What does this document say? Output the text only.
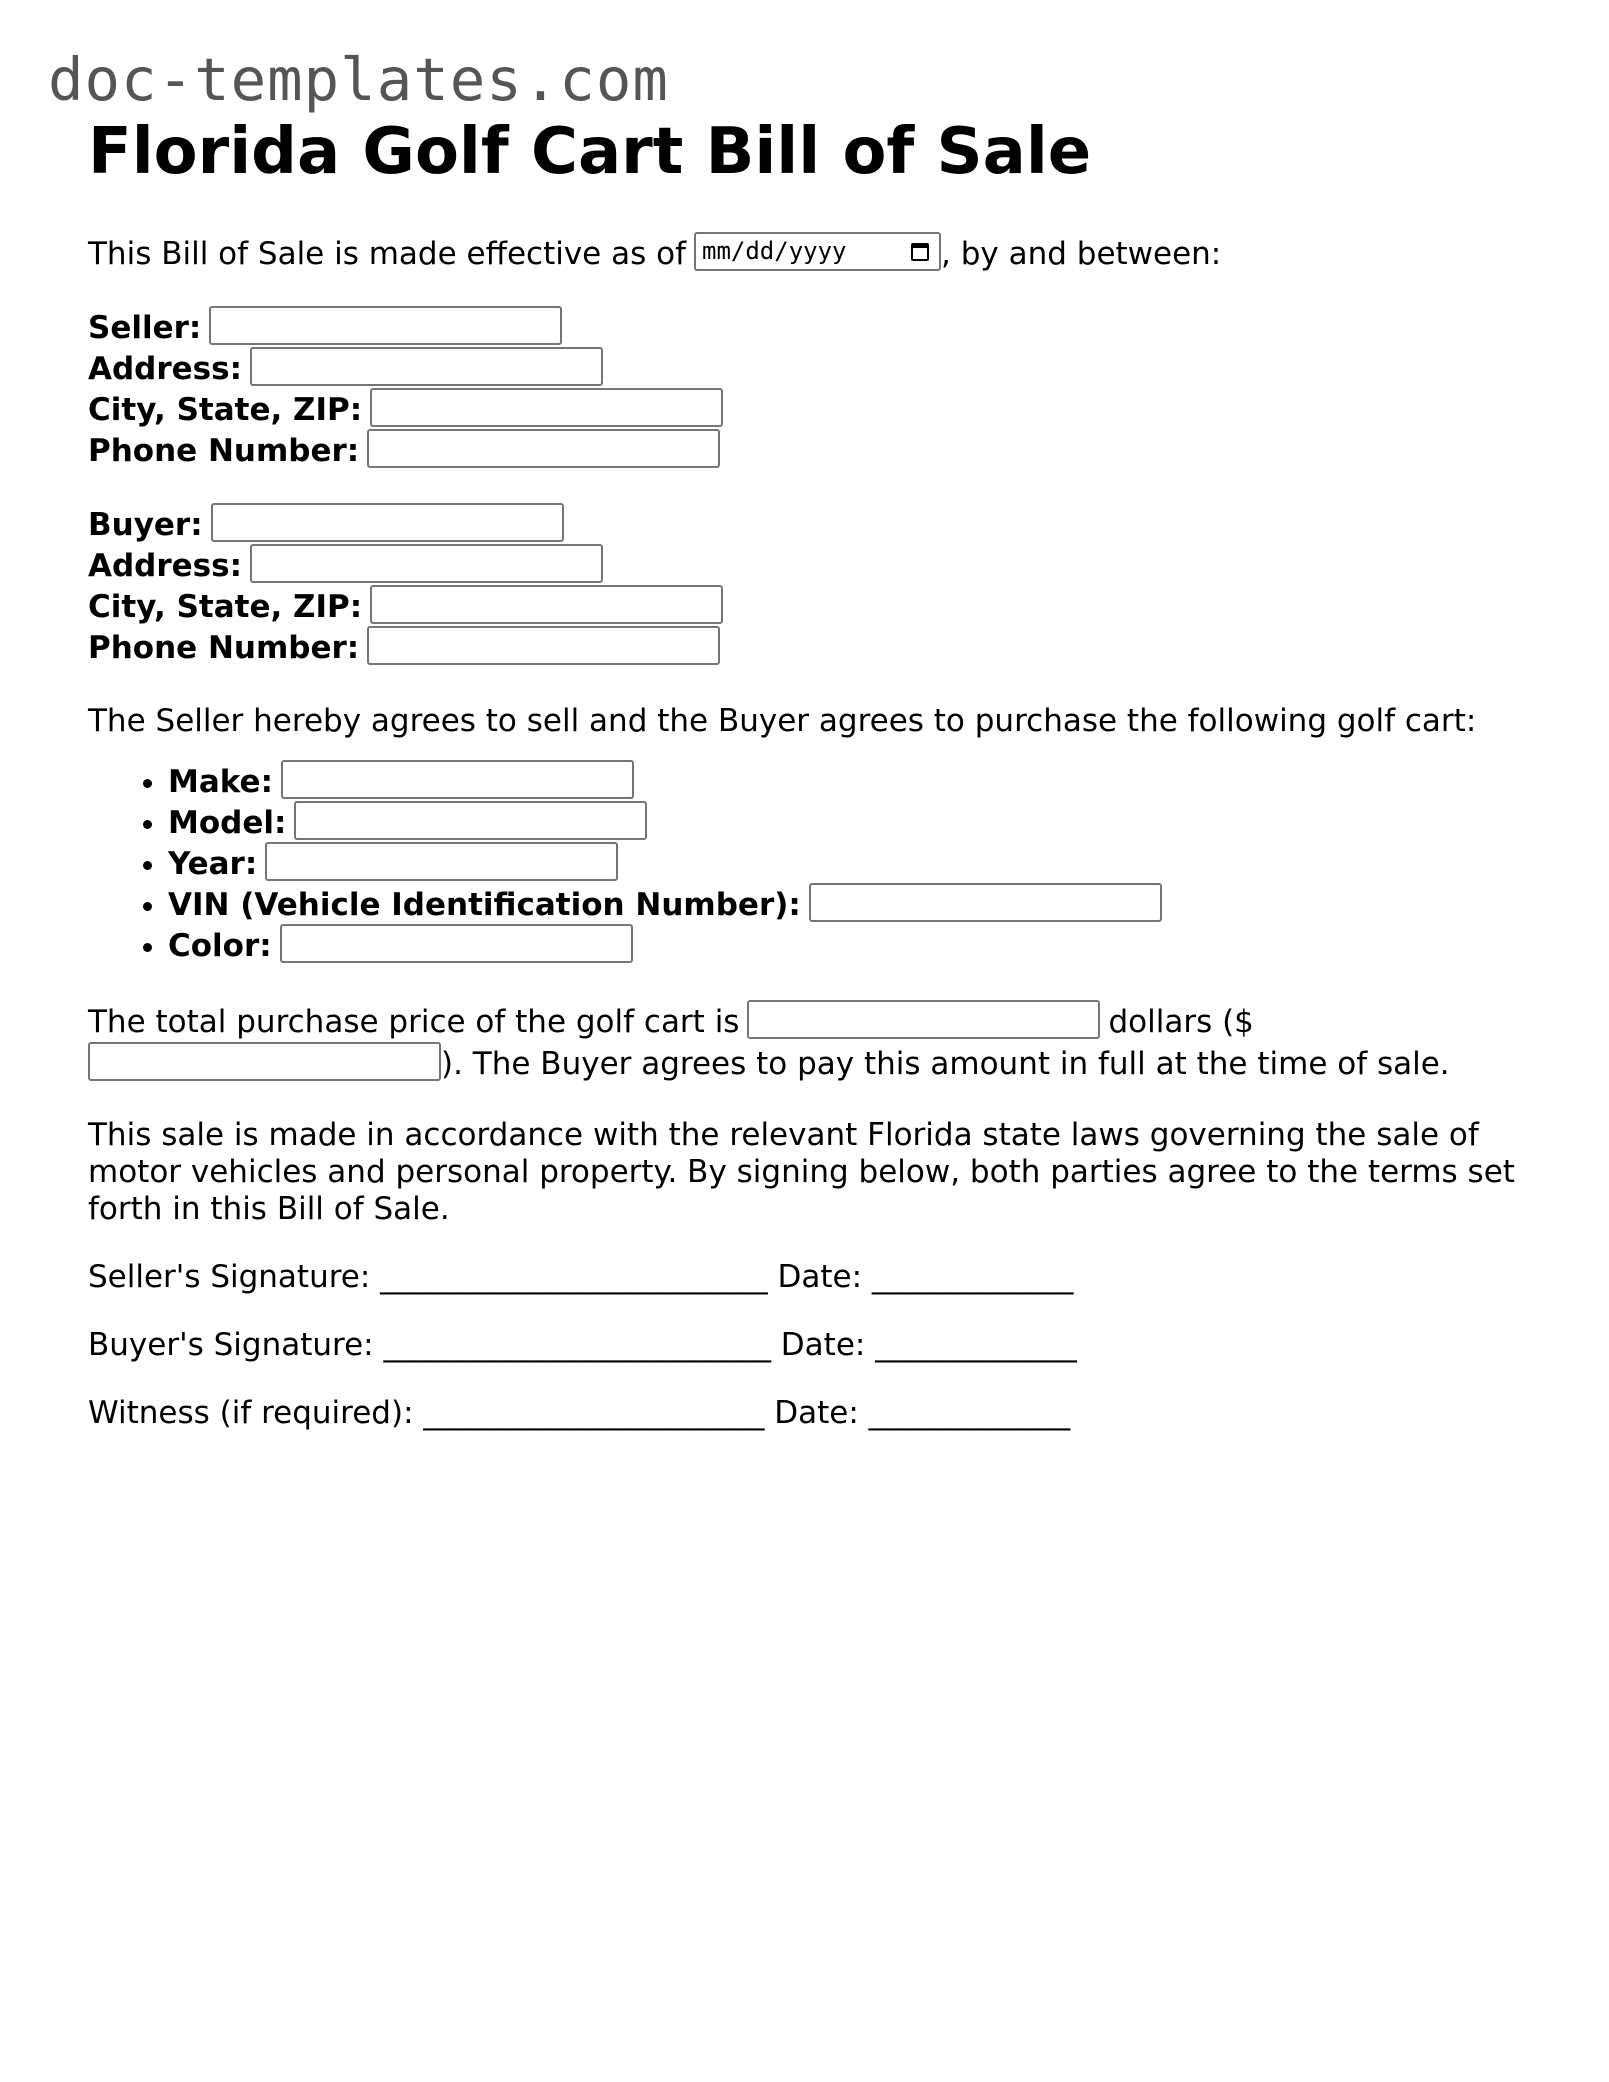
doc-templates.com
Florida Golf Cart Bill of Sale

This Bill of Sale is made effective as of mm/dd/yyyy	, by and between:

Seller:
Address:
City, State, ZIP:
Phone Number:
Buyer:
Address:
City, State, ZIP:
Phone Number:

The Seller hereby agrees to sell and the Buyer agrees to purchase the following golf cart:

• Make:
• Model:
• Year:
• VIN (Vehicle Identification Number):
• Color:

The total purchase price of the golf cart is	dollars ($
). The Buyer agrees to pay this amount in full at the time of sale.

This sale is made in accordance with the relevant Florida state laws governing the sale of motor vehicles and personal property. By signing below, both parties agree to the terms set forth in this Bill of Sale.

Seller's Signature: _________________________ Date: _____________
Buyer's Signature: _________________________ Date: _____________
Witness (if required): ______________________ Date: _____________
